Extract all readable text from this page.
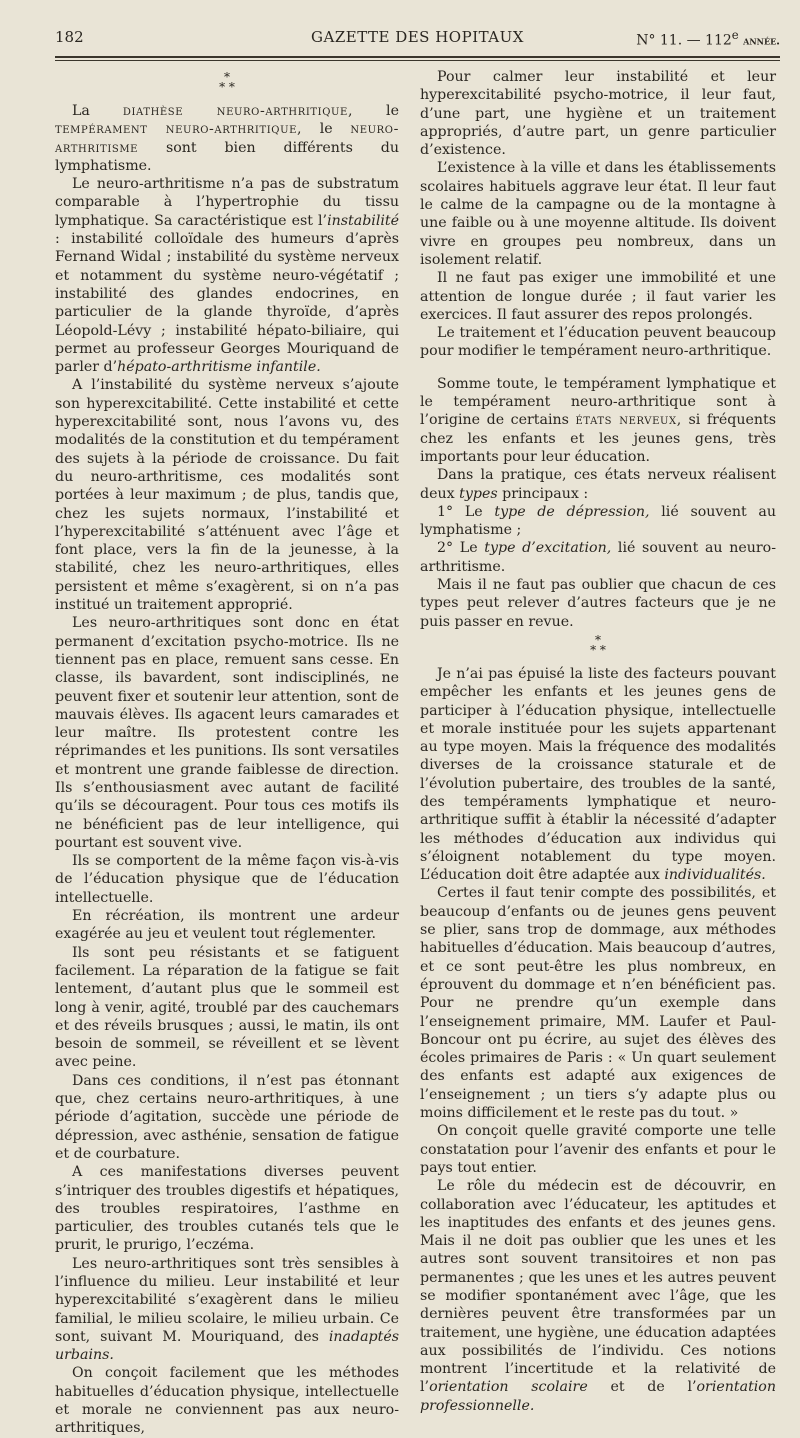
182	GAZETTE DES HOPITAUX	N° 11. — 112e année.
*
* *

La diathèse neuro-arthritique, le tempérament neuro-arthritique, le neuro-arthritisme sont bien différents du lymphatisme.

Le neuro-arthritisme n’a pas de substratum comparable à l’hypertrophie du tissu lymphatique. Sa caractéristique est l’instabilité : instabilité colloïdale des humeurs d’après Fernand Widal ; instabilité du système nerveux et notamment du système neuro-végétatif ; instabilité des glandes endocrines, en particulier de la glande thyroïde, d’après Léopold-Lévy ; instabilité hépato-biliaire, qui permet au professeur Georges Mouriquand de parler d’hépato-arthritisme infantile.

A l’instabilité du système nerveux s’ajoute son hyperexcitabilité. Cette instabilité et cette hyperexcitabilité sont, nous l’avons vu, des modalités de la constitution et du tempérament des sujets à la période de croissance. Du fait du neuro-arthritisme, ces modalités sont portées à leur maximum ; de plus, tandis que, chez les sujets normaux, l’instabilité et l’hyperexcitabilité s’atténuent avec l’âge et font place, vers la fin de la jeunesse, à la stabilité, chez les neuro-arthritiques, elles persistent et même s’exagèrent, si on n’a pas institué un traitement approprié.

Les neuro-arthritiques sont donc en état permanent d’excitation psycho-motrice. Ils ne tiennent pas en place, remuent sans cesse. En classe, ils bavardent, sont indisciplinés, ne peuvent fixer et soutenir leur attention, sont de mauvais élèves. Ils agacent leurs camarades et leur maître. Ils protestent contre les réprimandes et les punitions. Ils sont versatiles et montrent une grande faiblesse de direction. Ils s’enthousiasment avec autant de facilité qu’ils se découragent. Pour tous ces motifs ils ne bénéficient pas de leur intelligence, qui pourtant est souvent vive.

Ils se comportent de la même façon vis-à-vis de l’éducation physique que de l’éducation intellectuelle.

En récréation, ils montrent une ardeur exagérée au jeu et veulent tout réglementer.

Ils sont peu résistants et se fatiguent facilement. La réparation de la fatigue se fait lentement, d’autant plus que le sommeil est long à venir, agité, troublé par des cauchemars et des réveils brusques ; aussi, le matin, ils ont besoin de sommeil, se réveillent et se lèvent avec peine.

Dans ces conditions, il n’est pas étonnant que, chez certains neuro-arthritiques, à une période d’agitation, succède une période de dépression, avec asthénie, sensation de fatigue et de courbature.

A ces manifestations diverses peuvent s’intriquer des troubles digestifs et hépatiques, des troubles respiratoires, l’asthme en particulier, des troubles cutanés tels que le prurit, le prurigo, l’eczéma.

Les neuro-arthritiques sont très sensibles à l’influence du milieu. Leur instabilité et leur hyperexcitabilité s’exagèrent dans le milieu familial, le milieu scolaire, le milieu urbain. Ce sont, suivant M. Mouriquand, des inadaptés urbains.

On conçoit facilement que les méthodes habituelles d’éducation physique, intellectuelle et morale ne conviennent pas aux neuro-arthritiques,

Pour calmer leur instabilité et leur hyperexcitabilité psycho-motrice, il leur faut, d’une part, une hygiène et un traitement appropriés, d’autre part, un genre particulier d’existence.

L’existence à la ville et dans les établissements scolaires habituels aggrave leur état. Il leur faut le calme de la campagne ou de la montagne à une faible ou à une moyenne altitude. Ils doivent vivre en groupes peu nombreux, dans un isolement relatif.

Il ne faut pas exiger une immobilité et une attention de longue durée ; il faut varier les exercices. Il faut assurer des repos prolongés.

Le traitement et l’éducation peuvent beaucoup pour modifier le tempérament neuro-arthritique.

Somme toute, le tempérament lymphatique et le tempérament neuro-arthritique sont à l’origine de certains états nerveux, si fréquents chez les enfants et les jeunes gens, très importants pour leur éducation.

Dans la pratique, ces états nerveux réalisent deux types principaux :

1° Le type de dépression, lié souvent au lymphatisme ;

2° Le type d’excitation, lié souvent au neuro-arthritisme.

Mais il ne faut pas oublier que chacun de ces types peut relever d’autres facteurs que je ne puis passer en revue.

*
* *

Je n’ai pas épuisé la liste des facteurs pouvant empêcher les enfants et les jeunes gens de participer à l’éducation physique, intellectuelle et morale instituée pour les sujets appartenant au type moyen. Mais la fréquence des modalités diverses de la croissance staturale et de l’évolution pubertaire, des troubles de la santé, des tempéraments lymphatique et neuro-arthritique suffit à établir la nécessité d’adapter les méthodes d’éducation aux individus qui s’éloignent notablement du type moyen. L’éducation doit être adaptée aux individualités.

Certes il faut tenir compte des possibilités, et beaucoup d’enfants ou de jeunes gens peuvent se plier, sans trop de dommage, aux méthodes habituelles d’éducation. Mais beaucoup d’autres, et ce sont peut-être les plus nombreux, en éprouvent du dommage et n’en bénéficient pas. Pour ne prendre qu’un exemple dans l’enseignement primaire, MM. Laufer et Paul-Boncour ont pu écrire, au sujet des élèves des écoles primaires de Paris : « Un quart seulement des enfants est adapté aux exigences de l’enseignement ; un tiers s’y adapte plus ou moins difficilement et le reste pas du tout. »

On conçoit quelle gravité comporte une telle constatation pour l’avenir des enfants et pour le pays tout entier.

Le rôle du médecin est de découvrir, en collaboration avec l’éducateur, les aptitudes et les inaptitudes des enfants et des jeunes gens. Mais il ne doit pas oublier que les unes et les autres sont souvent transitoires et non pas permanentes ; que les unes et les autres peuvent se modifier spontanément avec l’âge, que les dernières peuvent être transformées par un traitement, une hygiène, une éducation adaptées aux possibilités de l’individu. Ces notions montrent l’incertitude et la relativité de l’orientation scolaire et de l’orientation professionnelle.
